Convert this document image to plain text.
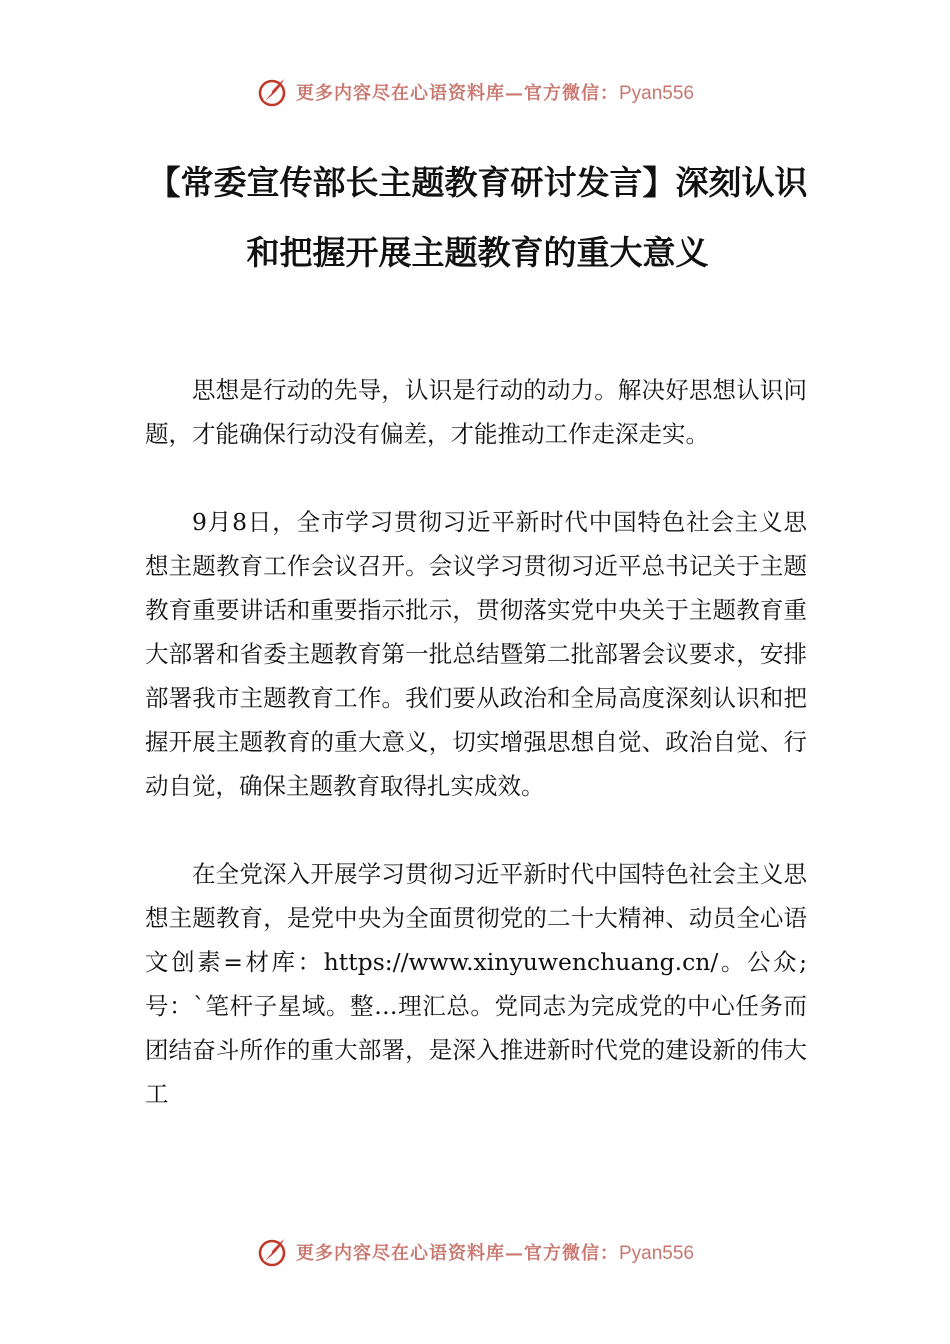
更多内容尽在心语资料库—官方微信：Pyan556
【常委宣传部长主题教育研讨发言】深刻认识和把握开展主题教育的重大意义

思想是行动的先导，认识是行动的动力。解决好思想认识问题，才能确保行动没有偏差，才能推动工作走深走实。

9月8日，全市学习贯彻习近平新时代中国特色社会主义思想主题教育工作会议召开。会议学习贯彻习近平总书记关于主题教育重要讲话和重要指示批示，贯彻落实党中央关于主题教育重大部署和省委主题教育第一批总结暨第二批部署会议要求，安排部署我市主题教育工作。我们要从政治和全局高度深刻认识和把握开展主题教育的重大意义，切实增强思想自觉、政治自觉、行动自觉，确保主题教育取得扎实成效。

在全党深入开展学习贯彻习近平新时代中国特色社会主义思想主题教育，是党中央为全面贯彻党的二十大精神、动员全心语文创素=材库：https://www.xinyuwenchuang.cn/。公众;号：`笔杆子星域。整…理汇总。党同志为完成党的中心任务而团结奋斗所作的重大部署，是深入推进新时代党的建设新的伟大工

更多内容尽在心语资料库—官方微信：Pyan556
